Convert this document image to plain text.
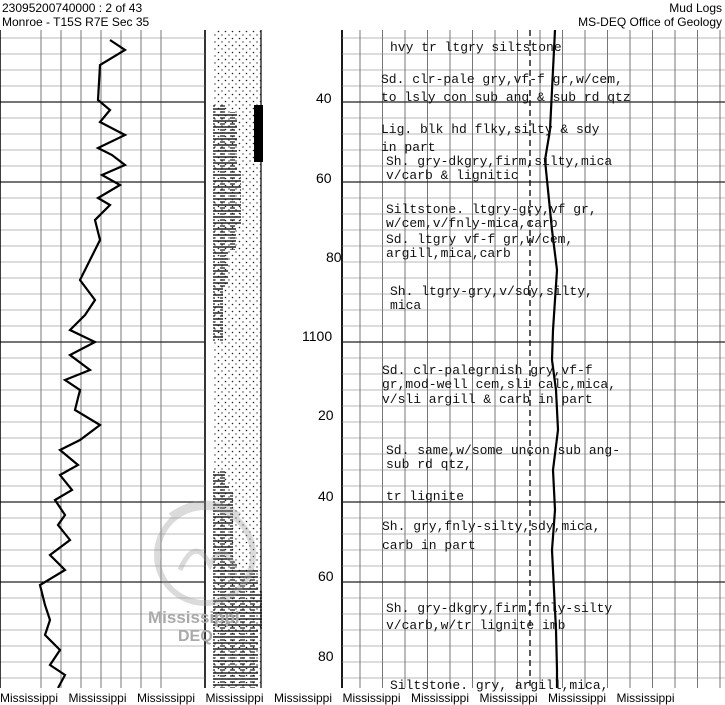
23095200740000 : 2 of 43
Monroe - T15S R7E Sec 35
Mud Logs
MS-DEQ Office of Geology
40
60
80
1100
20
40
60
80
hvy tr ltgry siltstone
Sd. clr-pale gry,vf-f gr,w/cem,
to lsly con sub ang & sub rd qtz
Lig. blk hd flky,silty & sdy
in part
Sh. gry-dkgry,firm,silty,mica
v/carb & lignitic
Siltstone. ltgry-gry,vf gr,
w/cem,v/fnly-mica,carb
Sd. ltgry vf-f gr,w/cem,
argill,mica,carb
Sh. ltgry-gry,v/sdy,silty,
mica
Sd. clr-palegrnish gry,vf-f
gr,mod-well cem,sli calc,mica,
v/sli argill & carb in part
Sd. same,w/some uncon sub ang-
sub rd qtz,
tr lignite
Sh. gry,fnly-silty,sdy,mica,
carb in part
Sh. gry-dkgry,firm,fnly-silty
v/carb,w/tr lignite imb
Siltstone. gry, argill,mica,
Mississippi
DEQ
Mississippi Mississippi Mississippi Mississippi Mississippi Mississippi Mississippi Mississippi Mississippi Mississippi
